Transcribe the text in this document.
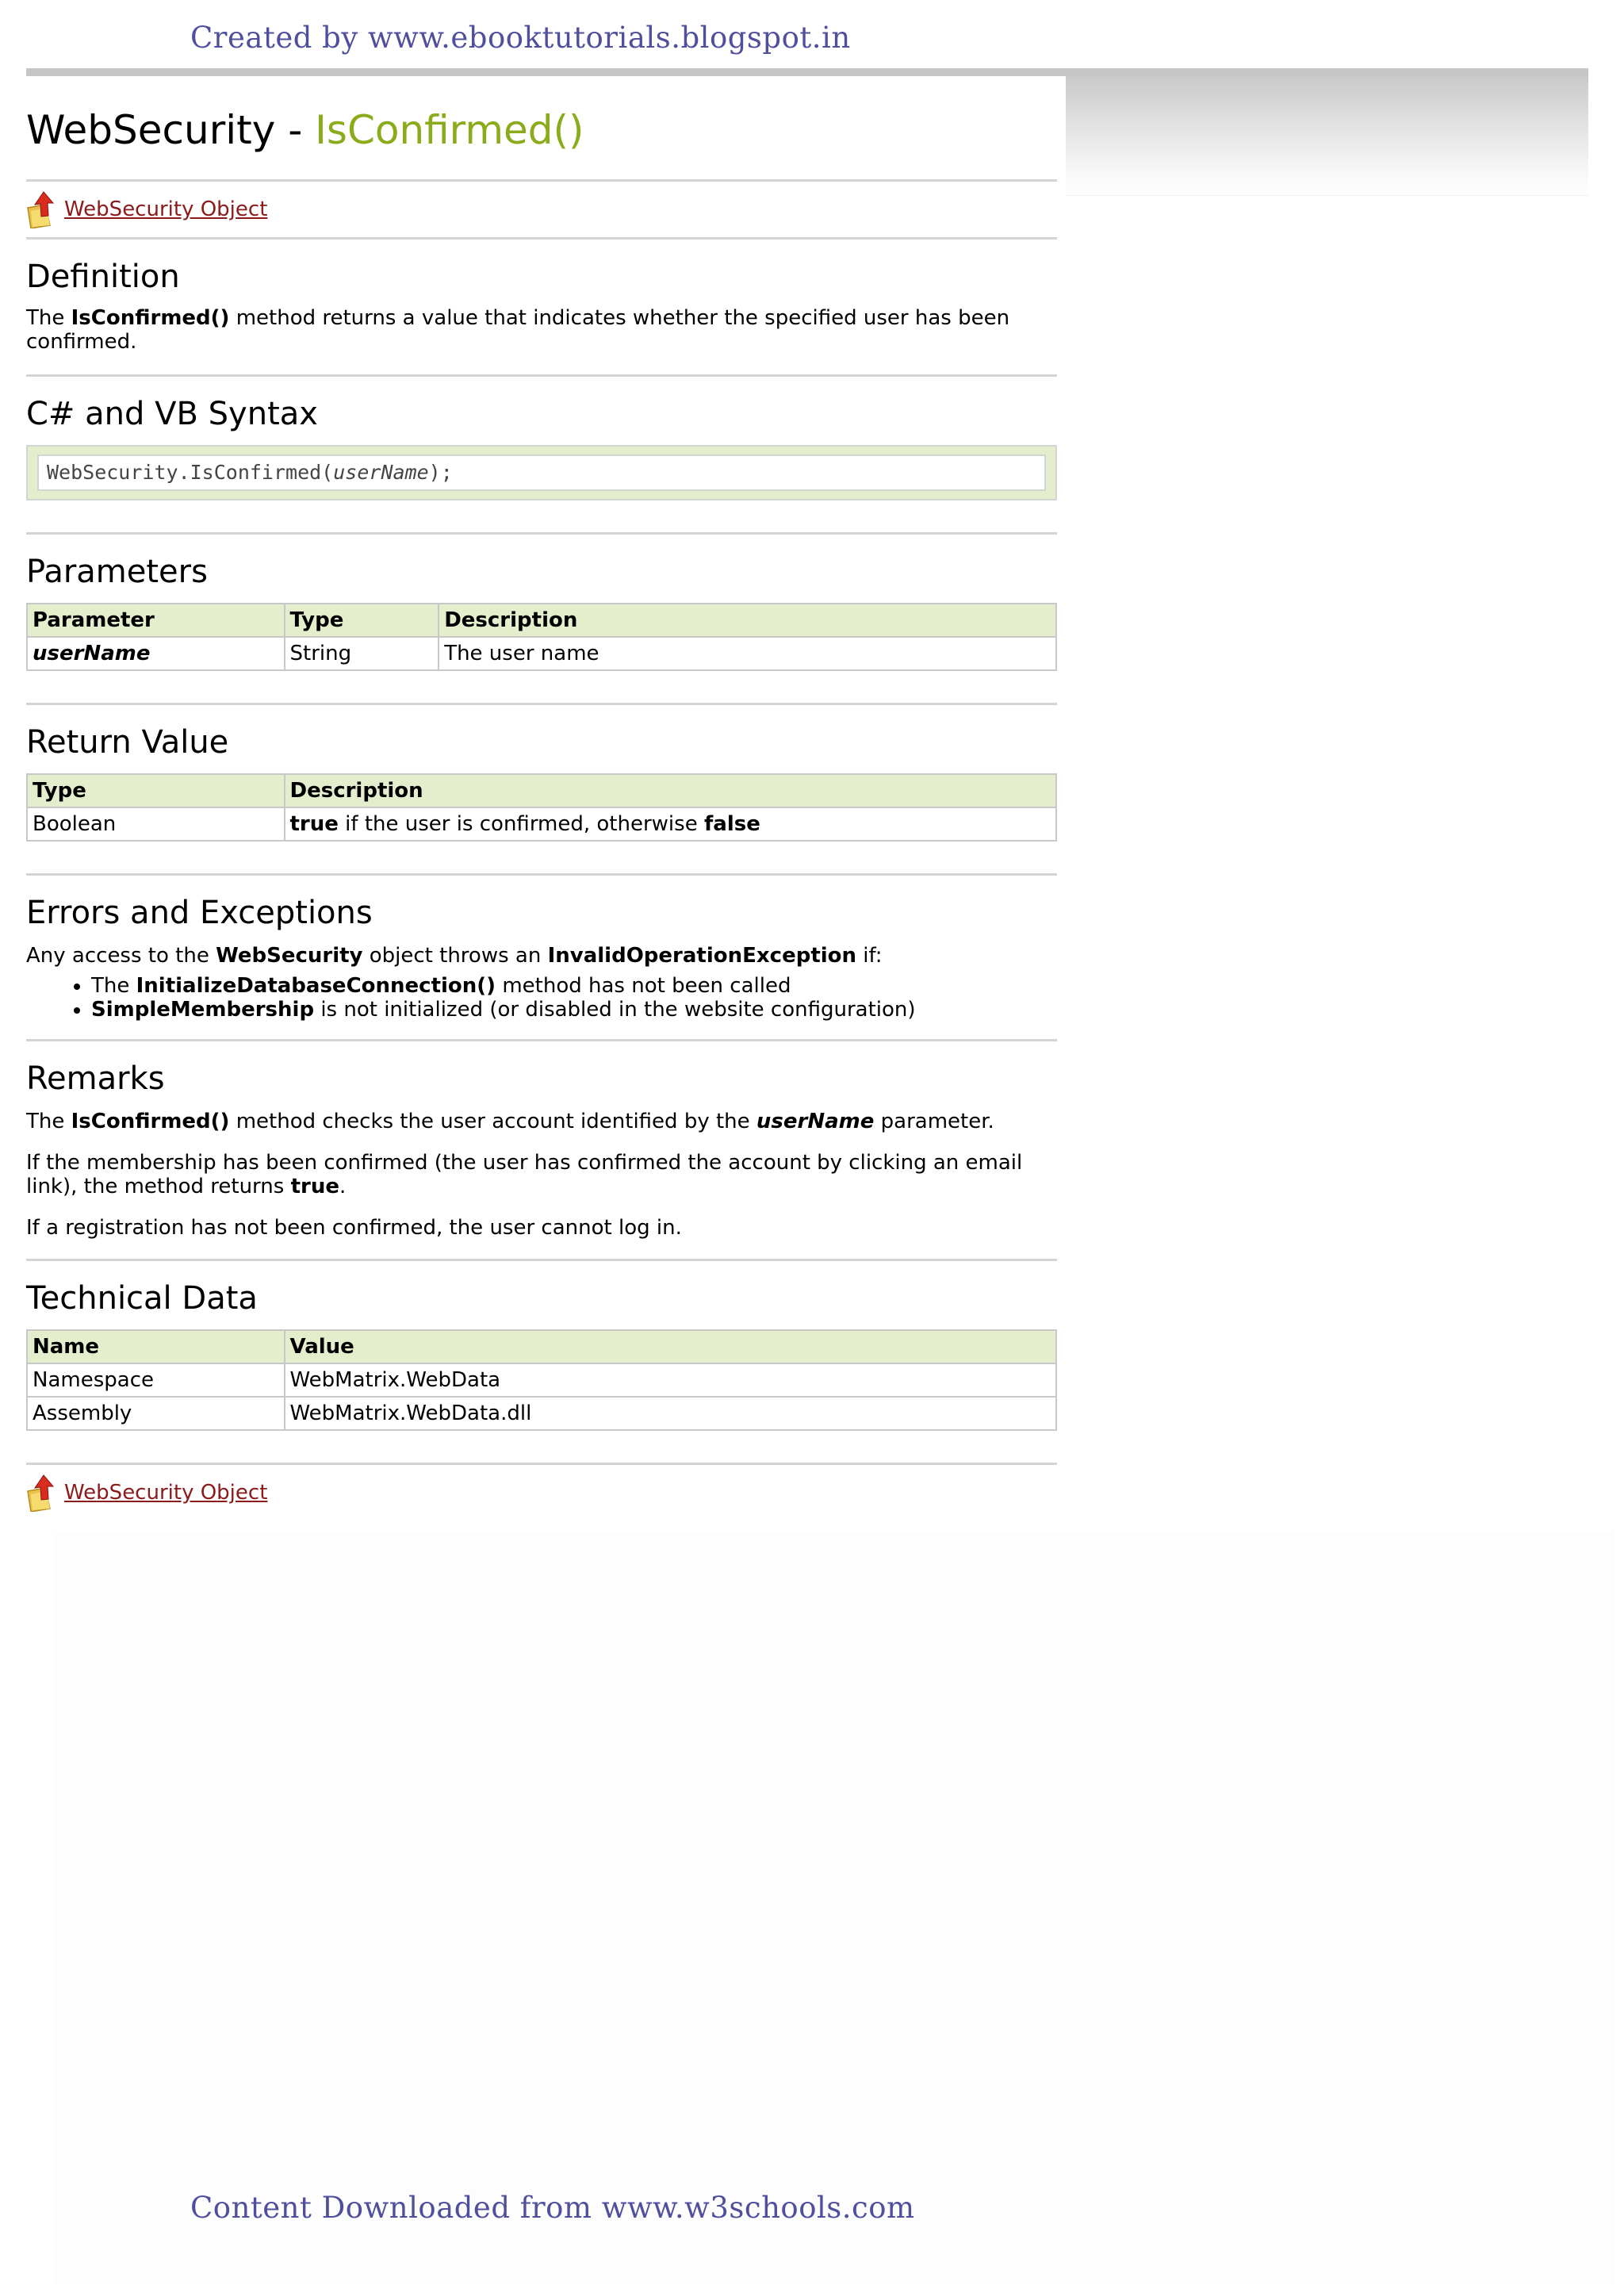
Created by www.ebooktutorials.blogspot.in
WebSecurity - IsConfirmed()
WebSecurity Object
Definition

The IsConfirmed() method returns a value that indicates whether the specified user has been confirmed.

C# and VB Syntax
WebSecurity.IsConfirmed(userName);
Parameters
Parameter	Type	Description
userName	String	The user name
Return Value
Type	Description
Boolean	true if the user is confirmed, otherwise false
Errors and Exceptions

Any access to the WebSecurity object throws an InvalidOperationException if:

• The InitializeDatabaseConnection() method has not been called
• SimpleMembership is not initialized (or disabled in the website configuration)
Remarks

The IsConfirmed() method checks the user account identified by the userName parameter.

If the membership has been confirmed (the user has confirmed the account by clicking an email link), the method returns true.

If a registration has not been confirmed, the user cannot log in.

Technical Data
Name	Value
Namespace	WebMatrix.WebData
Assembly	WebMatrix.WebData.dll
WebSecurity Object
Content Downloaded from www.w3schools.com
